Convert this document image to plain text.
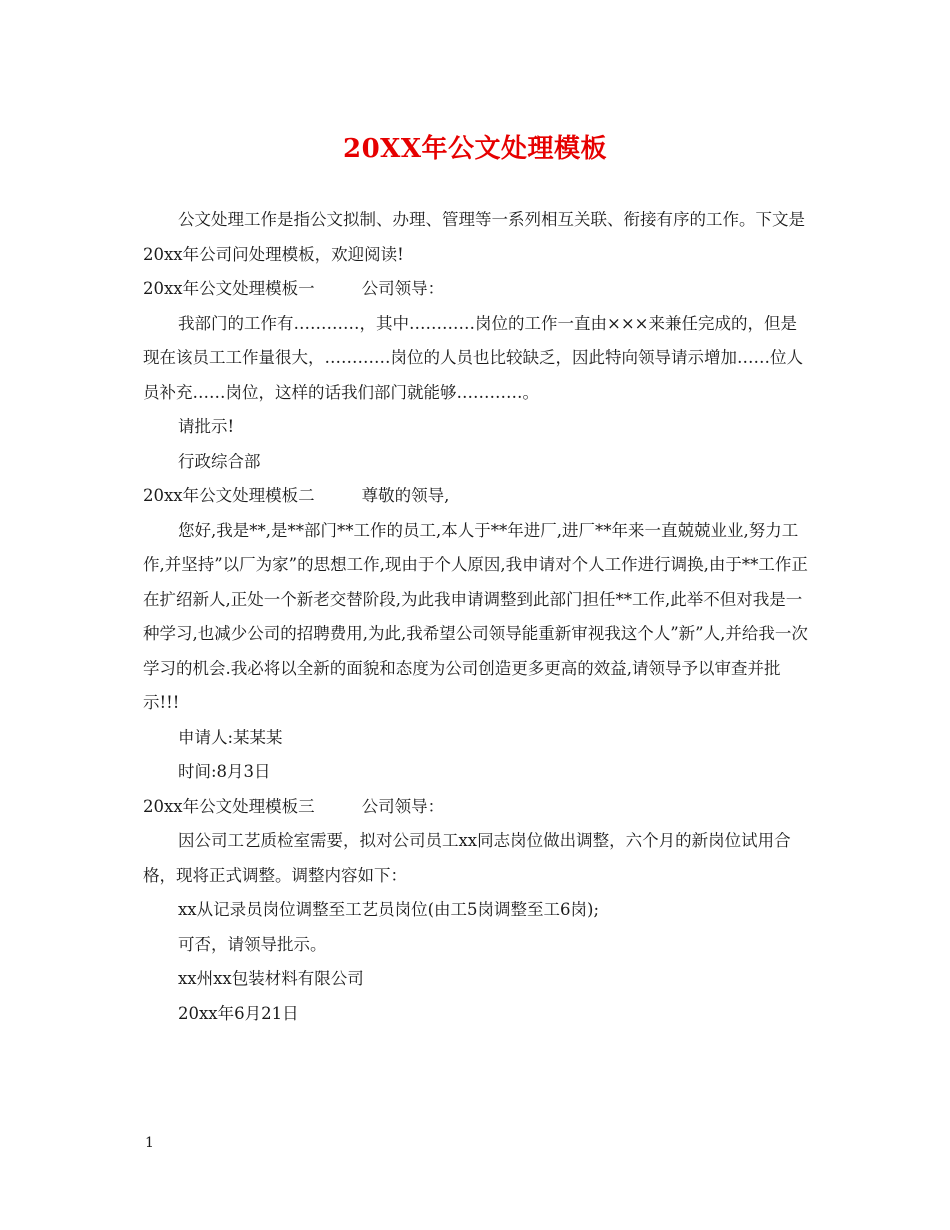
20XX年公文处理模板

公文处理工作是指公文拟制、办理、管理等一系列相互关联、衔接有序的工作。下文是20xx年公司问处理模板，欢迎阅读!

20xx年公文处理模板一	公司领导：

我部门的工作有…………，其中…………岗位的工作一直由×××来兼任完成的，但是现在该员工工作量很大，…………岗位的人员也比较缺乏，因此特向领导请示增加……位人员补充……岗位，这样的话我们部门就能够…………。

请批示!

行政综合部

20xx年公文处理模板二	尊敬的领导,

您好,我是**,是**部门**工作的员工,本人于**年进厂,进厂**年来一直兢兢业业,努力工作,并坚持”以厂为家”的思想工作,现由于个人原因,我申请对个人工作进行调换,由于**工作正在扩绍新人,正处一个新老交替阶段,为此我申请调整到此部门担任**工作,此举不但对我是一种学习,也减少公司的招聘费用,为此,我希望公司领导能重新审视我这个人”新”人,并给我一次学习的机会.我必将以全新的面貌和态度为公司创造更多更高的效益,请领导予以审查并批示!!!

申请人:某某某

时间:8月3日

20xx年公文处理模板三	公司领导：

因公司工艺质检室需要，拟对公司员工xx同志岗位做出调整，六个月的新岗位试用合格，现将正式调整。调整内容如下：

xx从记录员岗位调整至工艺员岗位(由工5岗调整至工6岗);

可否，请领导批示。

xx州xx包装材料有限公司

20xx年6月21日

1
